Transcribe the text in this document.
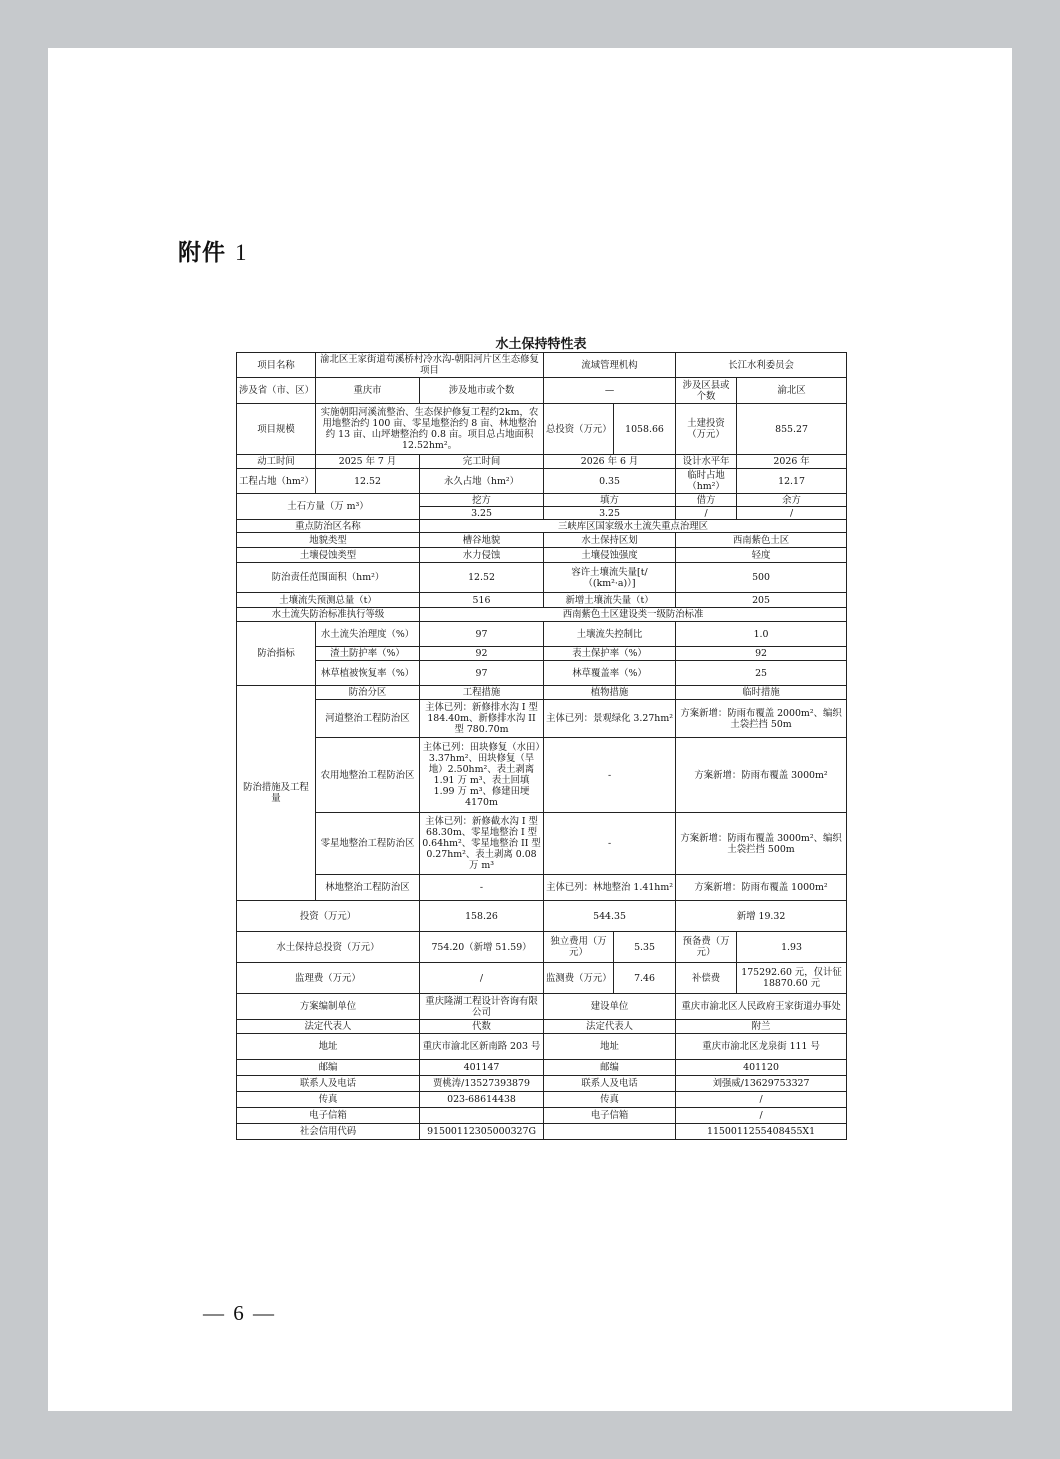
附件 1
水土保持特性表
项目名称	渝北区王家街道苟溪桥村冷水沟-朝阳河片区生态修复项目		流域管理机构		长江水利委员会	
涉及省（市、区）	重庆市	涉及地市或个数	—		涉及区县或个数	渝北区
项目规模	实施朝阳河溪流整治、生态保护修复工程约2km，农用地整治约 100 亩、零星地整治约 8 亩、林地整治约 13 亩、山坪塘整治约 0.8 亩。项目总占地面积 12.52hm²。		总投资（万元）	1058.66	土建投资（万元）	855.27
动工时间	2025 年 7 月	完工时间	2026 年 6 月		设计水平年	2026 年
工程占地（hm²）	12.52	永久占地（hm²）	0.35		临时占地（hm²）	12.17
土石方量（万 m³）		挖方	填方		借方	余方
		3.25	3.25		/	/
重点防治区名称		三峡库区国家级水土流失重点治理区				
地貌类型		槽谷地貌	水土保持区划		西南紫色土区	
土壤侵蚀类型		水力侵蚀	土壤侵蚀强度		轻度	
防治责任范围面积（hm²）		12.52	容许土壤流失量[t/（(km²·a)）]		500	
土壤流失预测总量（t）		516	新增土壤流失量（t）		205	
水土流失防治标准执行等级		西南紫色土区建设类一级防治标准				
防治指标	水土流失治理度（%）	97	土壤流失控制比		1.0	
	渣土防护率（%）	92	表土保护率（%）		92	
	林草植被恢复率（%）	97	林草覆盖率（%）		25	
防治措施及工程量	防治分区	工程措施	植物措施		临时措施	
	河道整治工程防治区	主体已列：新修排水沟 I 型 184.40m、新修排水沟 II 型 780.70m	主体已列：景观绿化 3.27hm²		方案新增：防雨布覆盖 2000m²、编织土袋拦挡 50m	
	农用地整治工程防治区	主体已列：田块修复（水田）3.37hm²、田块修复（旱地）2.50hm²、表土剥离 1.91 万 m³、表土回填 1.99 万 m³、修建田埂 4170m	-		方案新增：防雨布覆盖 3000m²	
	零星地整治工程防治区	主体已列：新修截水沟 I 型 68.30m、零星地整治 I 型 0.64hm²、零星地整治 II 型 0.27hm²、表土剥离 0.08 万 m³	-		方案新增：防雨布覆盖 3000m²、编织土袋拦挡 500m	
	林地整治工程防治区	-	主体已列：林地整治 1.41hm²		方案新增：防雨布覆盖 1000m²	
投资（万元）		158.26	544.35		新增 19.32	
水土保持总投资（万元）		754.20（新增 51.59）	独立费用（万元）	5.35	预备费（万元）	1.93
监理费（万元）		/	监测费（万元）	7.46	补偿费	175292.60 元，仅计征 18870.60 元
方案编制单位		重庆隆湖工程设计咨询有限公司	建设单位		重庆市渝北区人民政府王家街道办事处	
法定代表人		代数	法定代表人		附兰	
地址		重庆市渝北区新南路 203 号	地址		重庆市渝北区龙泉街 111 号	
邮编		401147	邮编		401120	
联系人及电话		贾桃涛/13527393879	联系人及电话		刘强威/13629753327	
传真		023-68614438	传真		/	
电子信箱			电子信箱		/	
社会信用代码		91500112305000327G			1150011255408455X1	
— 6 —
